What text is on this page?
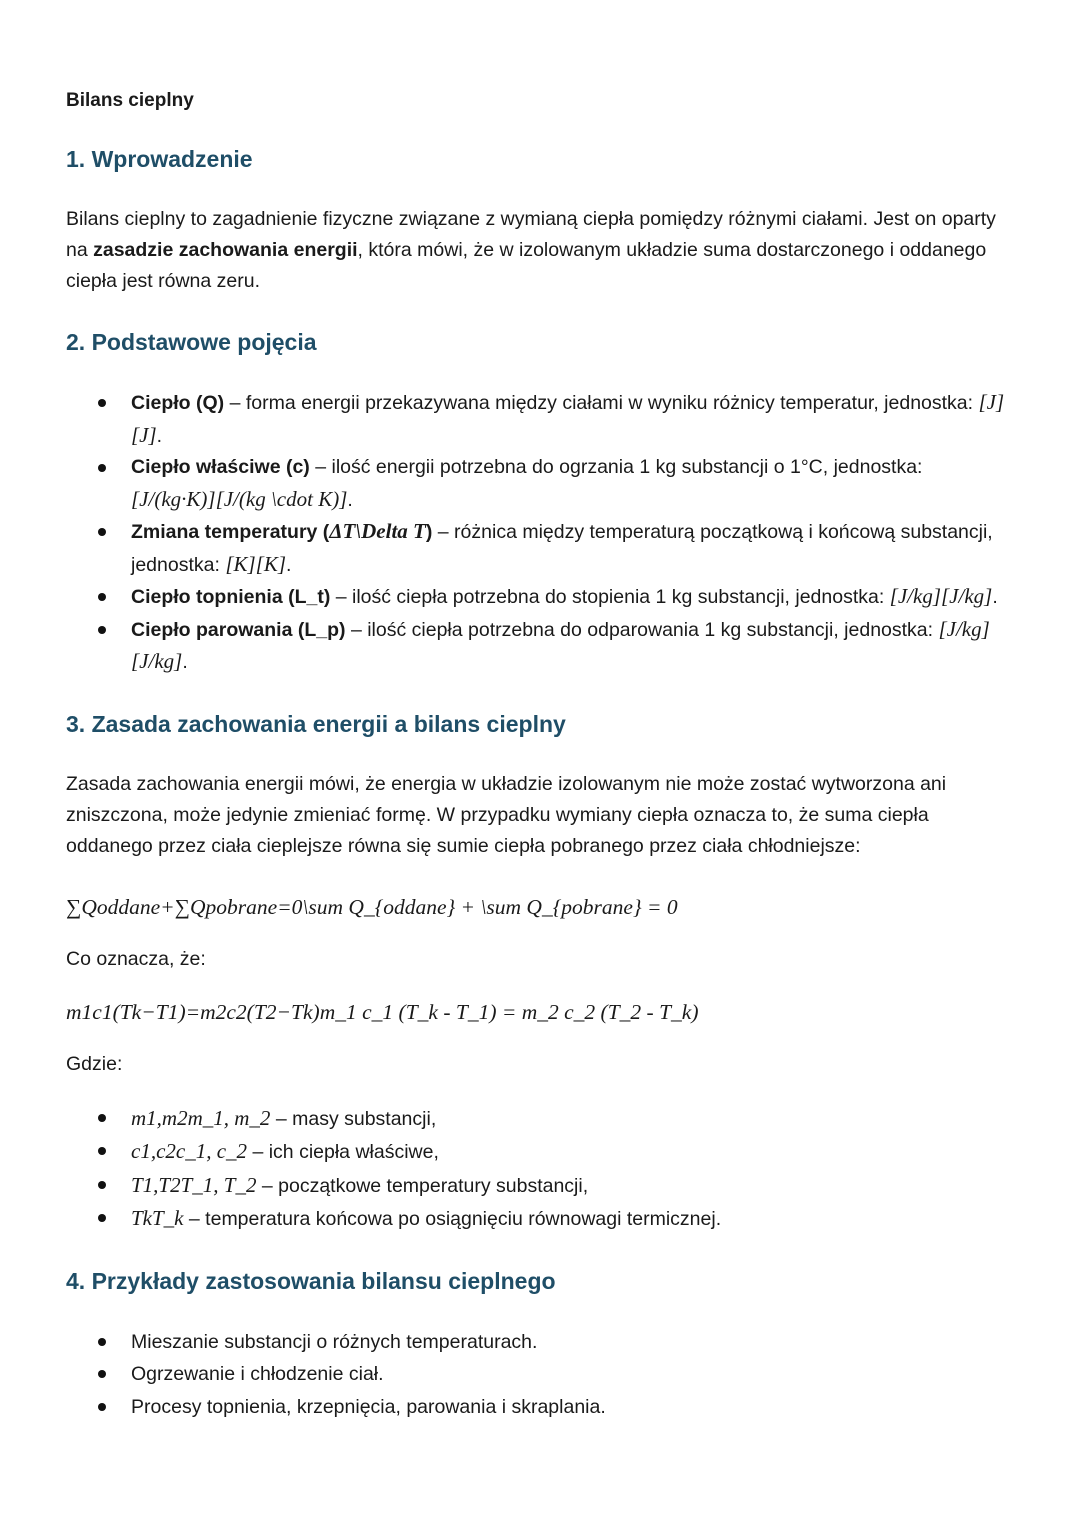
Bilans cieplny
1. Wprowadzenie

Bilans cieplny to zagadnienie fizyczne związane z wymianą ciepła pomiędzy różnymi ciałami. Jest on oparty na zasadzie zachowania energii, która mówi, że w izolowanym układzie suma dostarczonego i oddanego ciepła jest równa zeru.

2. Podstawowe pojęcia
Ciepło (Q) – forma energii przekazywana między ciałami w wyniku różnicy temperatur, jednostka: [J][J].
Ciepło właściwe (c) – ilość energii potrzebna do ogrzania 1 kg substancji o 1°C, jednostka: [J/(kg·K)][J/(kg \cdot K)].
Zmiana temperatury (ΔT\Delta T) – różnica między temperaturą początkową i końcową substancji, jednostka: [K][K].
Ciepło topnienia (L_t) – ilość ciepła potrzebna do stopienia 1 kg substancji, jednostka: [J/kg][J/kg].
Ciepło parowania (L_p) – ilość ciepła potrzebna do odparowania 1 kg substancji, jednostka: [J/kg][J/kg].
3. Zasada zachowania energii a bilans cieplny

Zasada zachowania energii mówi, że energia w układzie izolowanym nie może zostać wytworzona ani zniszczona, może jedynie zmieniać formę. W przypadku wymiany ciepła oznacza to, że suma ciepła oddanego przez ciała cieplejsze równa się sumie ciepła pobranego przez ciała chłodniejsze:

∑Qoddane+∑Qpobrane=0\sum Q_{oddane} + \sum Q_{pobrane} = 0

Co oznacza, że:

m1c1(Tk−T1)=m2c2(T2−Tk)m_1 c_1 (T_k - T_1) = m_2 c_2 (T_2 - T_k)

Gdzie:

m1,m2m_1, m_2 – masy substancji,
c1,c2c_1, c_2 – ich ciepła właściwe,
T1,T2T_1, T_2 – początkowe temperatury substancji,
TkT_k – temperatura końcowa po osiągnięciu równowagi termicznej.
4. Przykłady zastosowania bilansu cieplnego
Mieszanie substancji o różnych temperaturach.
Ogrzewanie i chłodzenie ciał.
Procesy topnienia, krzepnięcia, parowania i skraplania.
